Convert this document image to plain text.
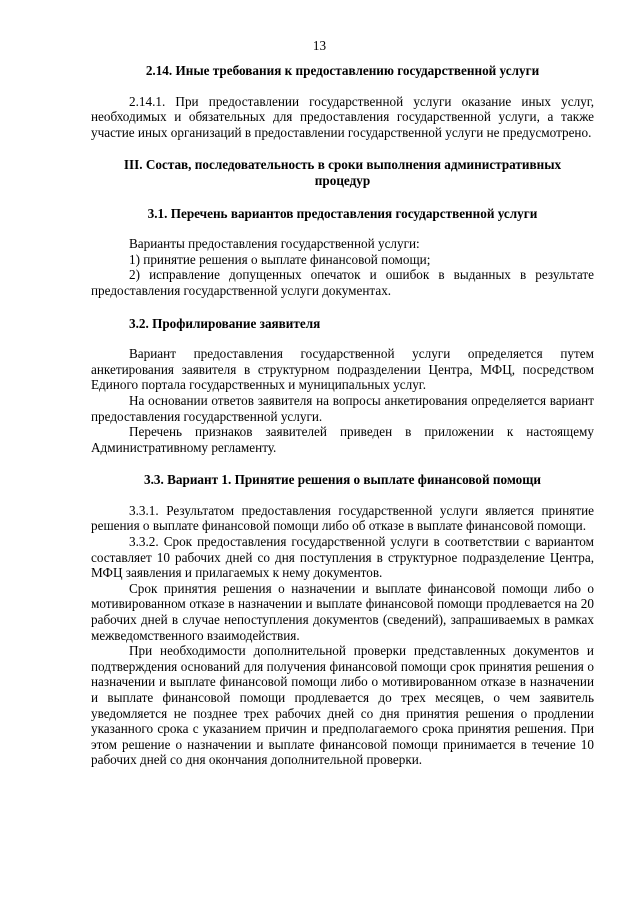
13
2.14. Иные требования к предоставлению государственной услуги

2.14.1. При предоставлении государственной услуги оказание иных услуг, необходимых и обязательных для предоставления государственной услуги, а также участие иных организаций в предоставлении государственной услуги не предусмотрено.

III. Состав, последовательность в сроки выполнения административных процедур
3.1. Перечень вариантов предоставления государственной услуги

Варианты предоставления государственной услуги:

1) принятие решения о выплате финансовой помощи;

2) исправление допущенных опечаток и ошибок в выданных в результате предоставления государственной услуги документах.

3.2. Профилирование заявителя

Вариант предоставления государственной услуги определяется путем анкетирования заявителя в структурном подразделении Центра, МФЦ, посредством Единого портала государственных и муниципальных услуг.

На основании ответов заявителя на вопросы анкетирования определяется вариант предоставления государственной услуги.

Перечень признаков заявителей приведен в приложении к настоящему Административному регламенту.

3.3. Вариант 1. Принятие решения о выплате финансовой помощи

3.3.1. Результатом предоставления государственной услуги является принятие решения о выплате финансовой помощи либо об отказе в выплате финансовой помощи.

3.3.2. Срок предоставления государственной услуги в соответствии с вариантом составляет 10 рабочих дней со дня поступления в структурное подразделение Центра, МФЦ заявления и прилагаемых к нему документов.

Срок принятия решения о назначении и выплате финансовой помощи либо о мотивированном отказе в назначении и выплате финансовой помощи продлевается на 20 рабочих дней в случае непоступления документов (сведений), запрашиваемых в рамках межведомственного взаимодействия.

При необходимости дополнительной проверки представленных документов и подтверждения оснований для получения финансовой помощи срок принятия решения о назначении и выплате финансовой помощи либо о мотивированном отказе в назначении и выплате финансовой помощи продлевается до трех месяцев, о чем заявитель уведомляется не позднее трех рабочих дней со дня принятия решения о продлении указанного срока с указанием причин и предполагаемого срока принятия решения. При этом решение о назначении и выплате финансовой помощи принимается в течение 10 рабочих дней со дня окончания дополнительной проверки.
